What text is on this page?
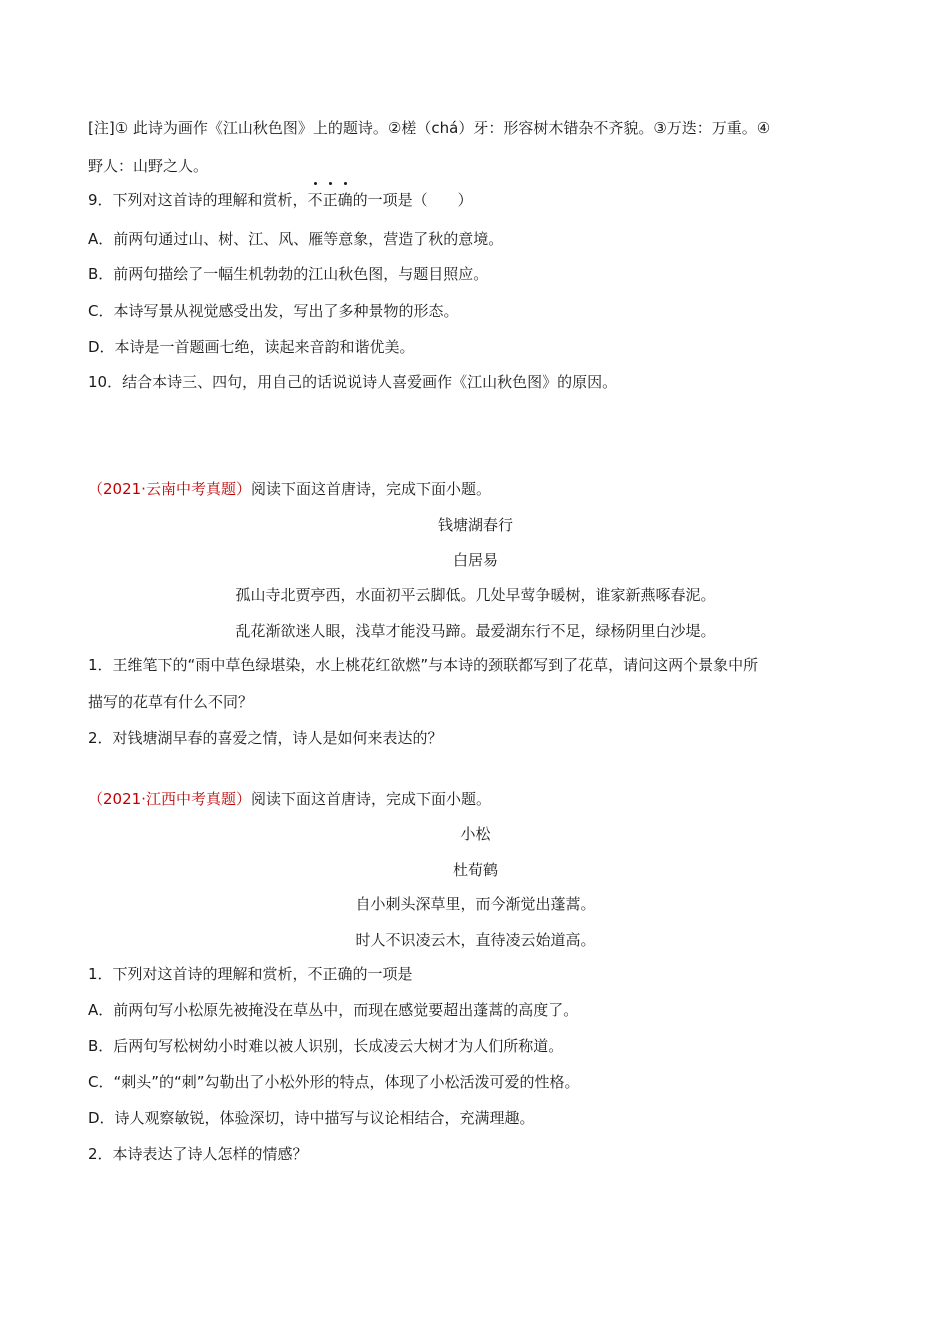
[注]① 此诗为画作《江山秋色图》上的题诗。②槎（chá）牙：形容树木错杂不齐貌。③万迭：万重。④
野人：山野之人。
9．下列对这首诗的理解和赏析，不正确的一项是（　　）
A．前两句通过山、树、江、风、雁等意象，营造了秋的意境。
B．前两句描绘了一幅生机勃勃的江山秋色图，与题目照应。
C．本诗写景从视觉感受出发，写出了多种景物的形态。
D．本诗是一首题画七绝，读起来音韵和谐优美。
10．结合本诗三、四句，用自己的话说说诗人喜爱画作《江山秋色图》的原因。
（2021·云南中考真题）阅读下面这首唐诗，完成下面小题。
钱塘湖春行
白居易
孤山寺北贾亭西，水面初平云脚低。几处早莺争暖树，谁家新燕啄春泥。
乱花渐欲迷人眼，浅草才能没马蹄。最爱湖东行不足，绿杨阴里白沙堤。
1．王维笔下的“雨中草色绿堪染，水上桃花红欲燃”与本诗的颈联都写到了花草，请问这两个景象中所
描写的花草有什么不同？
2．对钱塘湖早春的喜爱之情，诗人是如何来表达的？
（2021·江西中考真题）阅读下面这首唐诗，完成下面小题。
小松
杜荀鹤
自小刺头深草里，而今渐觉出蓬蒿。
时人不识凌云木，直待凌云始道高。
1．下列对这首诗的理解和赏析，不正确的一项是
A．前两句写小松原先被掩没在草丛中，而现在感觉要超出蓬蒿的高度了。
B．后两句写松树幼小时难以被人识别，长成凌云大树才为人们所称道。
C．“刺头”的“刺”勾勒出了小松外形的特点，体现了小松活泼可爱的性格。
D．诗人观察敏锐，体验深切，诗中描写与议论相结合，充满理趣。
2．本诗表达了诗人怎样的情感？
